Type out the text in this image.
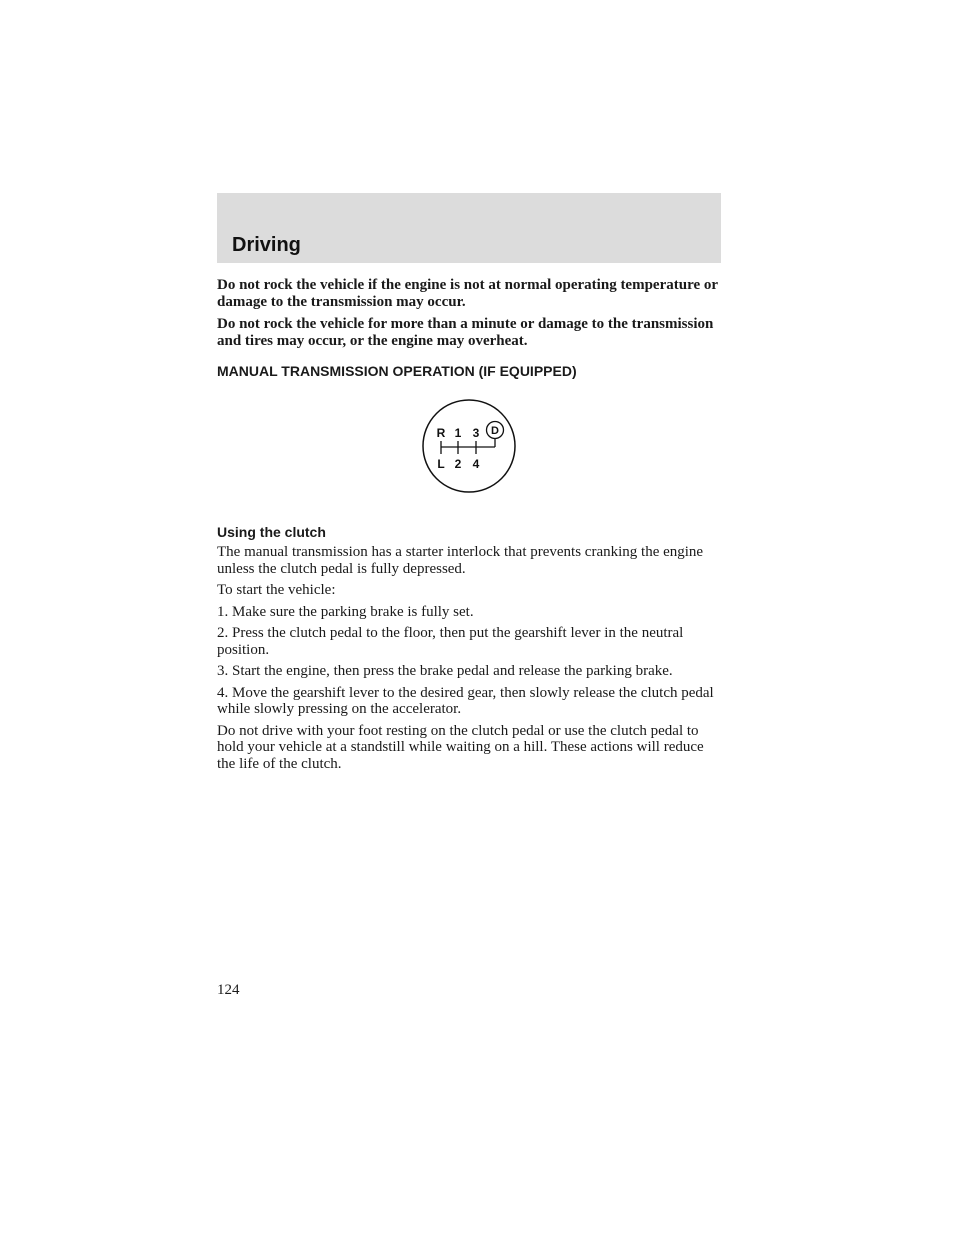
Driving

Do not rock the vehicle if the engine is not at normal operating temperature or damage to the transmission may occur.

Do not rock the vehicle for more than a minute or damage to the transmission and tires may occur, or the engine may overheat.

MANUAL TRANSMISSION OPERATION (IF EQUIPPED)
R 1 3 D
L 2 4
Using the clutch

The manual transmission has a starter interlock that prevents cranking the engine unless the clutch pedal is fully depressed.

To start the vehicle:

1. Make sure the parking brake is fully set.

2. Press the clutch pedal to the floor, then put the gearshift lever in the neutral position.

3. Start the engine, then press the brake pedal and release the parking brake.

4. Move the gearshift lever to the desired gear, then slowly release the clutch pedal while slowly pressing on the accelerator.

Do not drive with your foot resting on the clutch pedal or use the clutch pedal to hold your vehicle at a standstill while waiting on a hill. These actions will reduce the life of the clutch.

124
